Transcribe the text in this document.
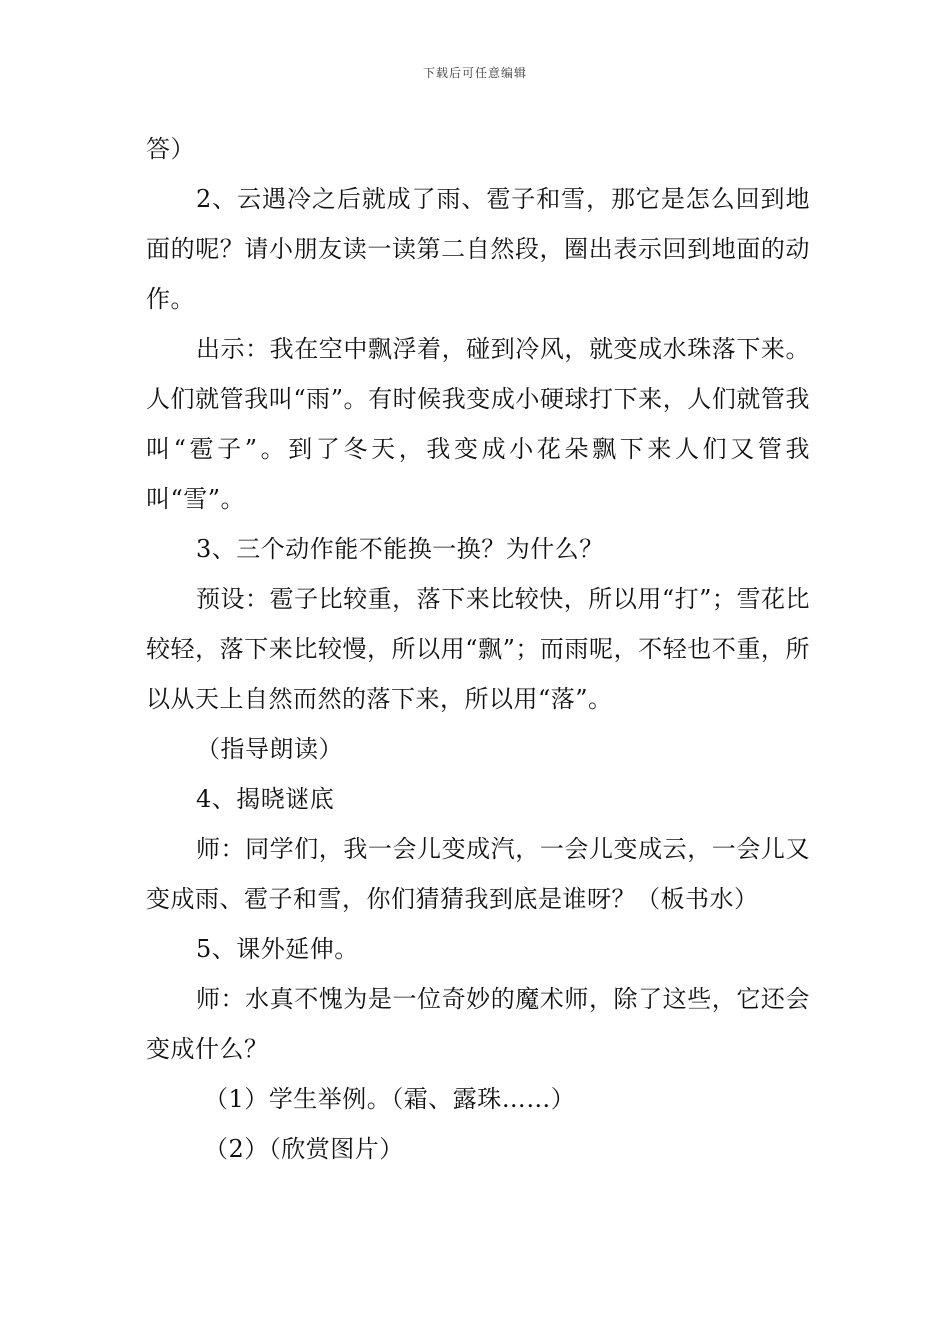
下载后可任意编辑

答）

2、云遇冷之后就成了雨、雹子和雪，那它是怎么回到地面的呢？请小朋友读一读第二自然段，圈出表示回到地面的动作。

出示：我在空中飘浮着，碰到冷风，就变成水珠落下来。人们就管我叫“雨”。有时候我变成小硬球打下来，人们就管我叫“雹子”。到了冬天，我变成小花朵飘下来人们又管我叫“雪”。

3、三个动作能不能换一换？为什么？

预设：雹子比较重，落下来比较快，所以用“打”；雪花比较轻，落下来比较慢，所以用“飘”；而雨呢，不轻也不重，所以从天上自然而然的落下来，所以用“落”。

（指导朗读）

4、揭晓谜底

师：同学们，我一会儿变成汽，一会儿变成云，一会儿又变成雨、雹子和雪，你们猜猜我到底是谁呀？（板书水）

5、课外延伸。

师：水真不愧为是一位奇妙的魔术师，除了这些，它还会变成什么？

（1）学生举例。（霜、露珠……）

（2）（欣赏图片）
